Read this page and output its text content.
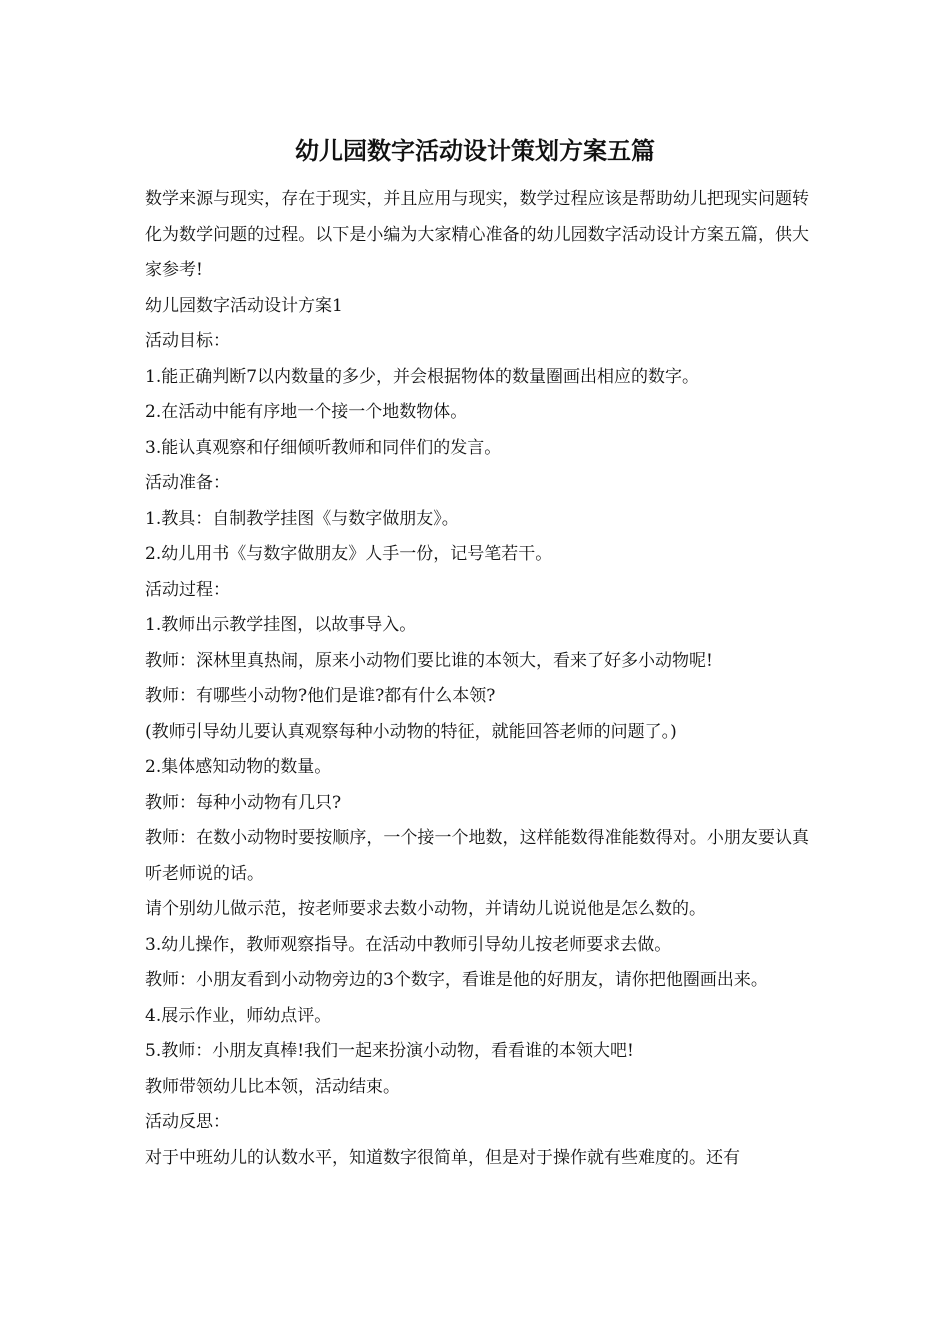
幼儿园数字活动设计策划方案五篇

数学来源与现实，存在于现实，并且应用与现实，数学过程应该是帮助幼儿把现实问题转化为数学问题的过程。以下是小编为大家精心准备的幼儿园数字活动设计方案五篇，供大家参考!

幼儿园数字活动设计方案1

活动目标：

1.能正确判断7以内数量的多少，并会根据物体的数量圈画出相应的数字。

2.在活动中能有序地一个接一个地数物体。

3.能认真观察和仔细倾听教师和同伴们的发言。

活动准备：

1.教具：自制教学挂图《与数字做朋友》。

2.幼儿用书《与数字做朋友》人手一份，记号笔若干。

活动过程：

1.教师出示教学挂图，以故事导入。

教师：深林里真热闹，原来小动物们要比谁的本领大，看来了好多小动物呢!

教师：有哪些小动物?他们是谁?都有什么本领?

(教师引导幼儿要认真观察每种小动物的特征，就能回答老师的问题了。)

2.集体感知动物的数量。

教师：每种小动物有几只?

教师：在数小动物时要按顺序，一个接一个地数，这样能数得准能数得对。小朋友要认真听老师说的话。

请个别幼儿做示范，按老师要求去数小动物，并请幼儿说说他是怎么数的。

3.幼儿操作，教师观察指导。在活动中教师引导幼儿按老师要求去做。

教师：小朋友看到小动物旁边的3个数字，看谁是他的好朋友，请你把他圈画出来。

4.展示作业，师幼点评。

5.教师：小朋友真棒!我们一起来扮演小动物，看看谁的本领大吧!

教师带领幼儿比本领，活动结束。

活动反思：

对于中班幼儿的认数水平，知道数字很简单，但是对于操作就有些难度的。还有
